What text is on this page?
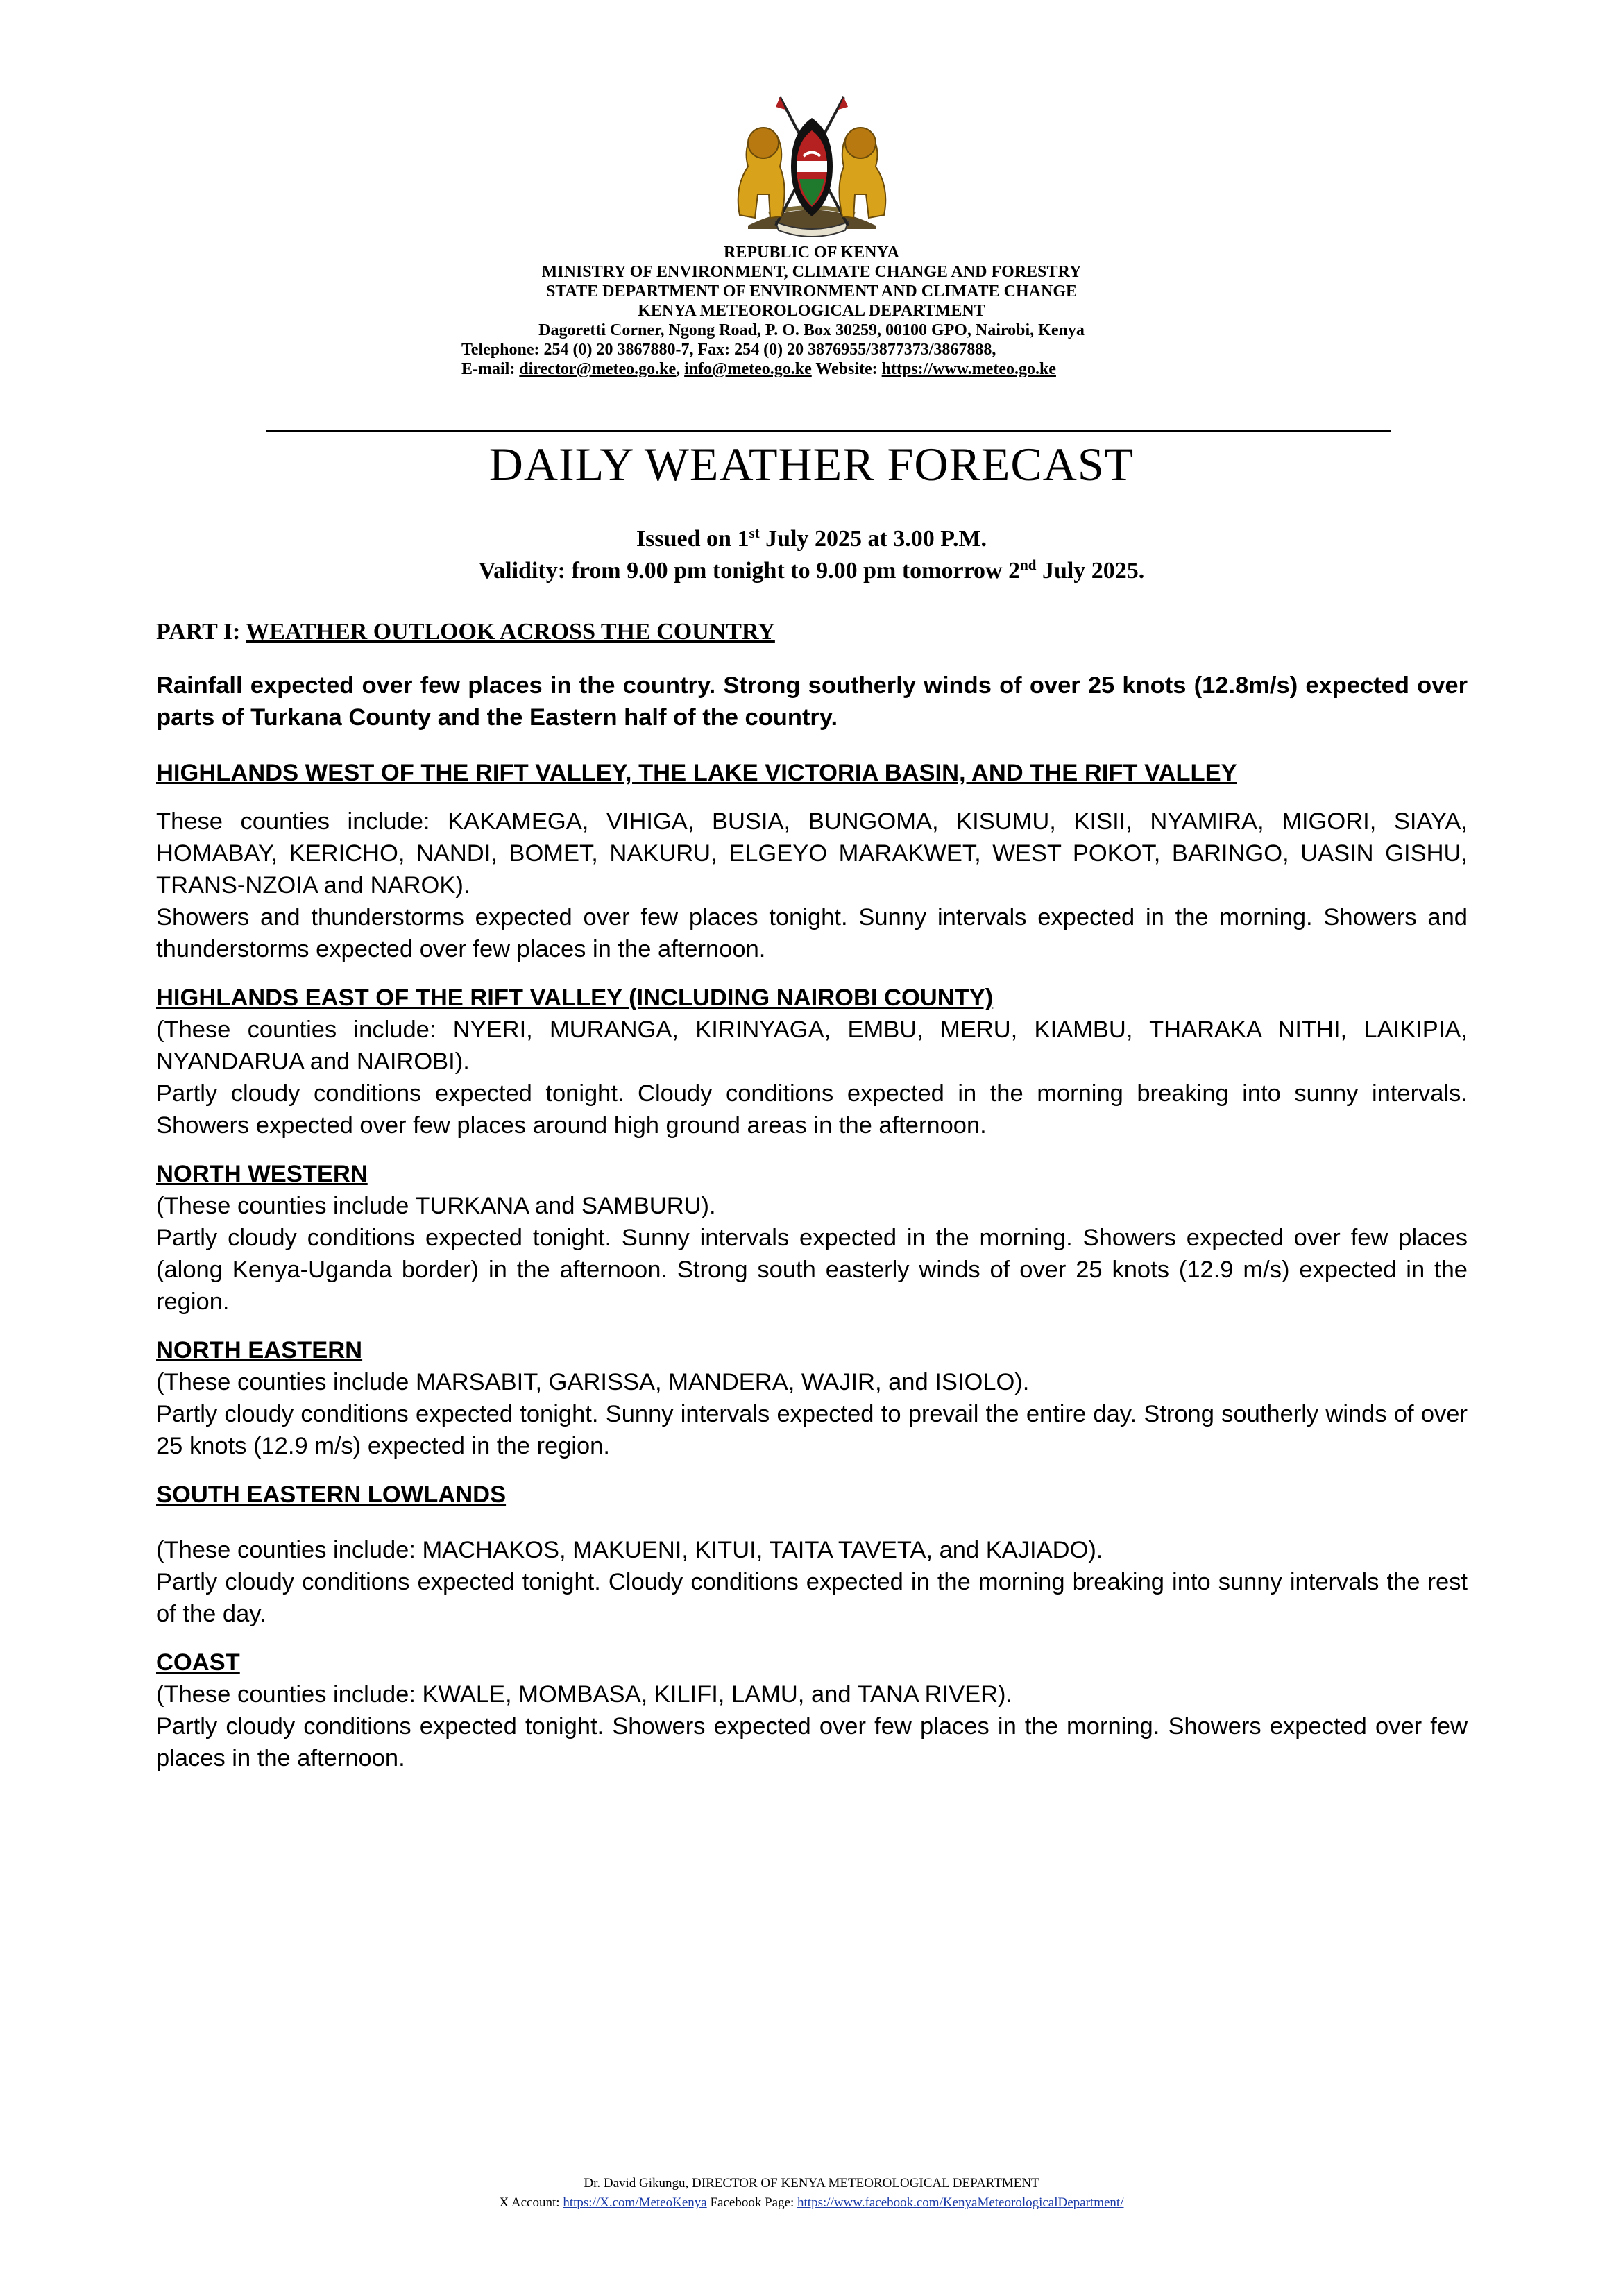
REPUBLIC OF KENYA
MINISTRY OF ENVIRONMENT, CLIMATE CHANGE AND FORESTRY
STATE DEPARTMENT OF ENVIRONMENT AND CLIMATE CHANGE
KENYA METEOROLOGICAL DEPARTMENT
Dagoretti Corner, Ngong Road, P. O. Box 30259, 00100 GPO, Nairobi, Kenya
Telephone: 254 (0) 20 3867880-7, Fax: 254 (0) 20 3876955/3877373/3867888,
E-mail: director@meteo.go.ke, info@meteo.go.ke Website: https://www.meteo.go.ke
DAILY WEATHER FORECAST
Issued on 1st July 2025 at 3.00 P.M.
Validity: from 9.00 pm tonight to 9.00 pm tomorrow 2nd July 2025.
PART I: WEATHER OUTLOOK ACROSS THE COUNTRY

Rainfall expected over few places in the country. Strong southerly winds of over 25 knots (12.8m/s) expected over parts of Turkana County and the Eastern half of the country.

HIGHLANDS WEST OF THE RIFT VALLEY, THE LAKE VICTORIA BASIN, AND THE RIFT VALLEY

These counties include: KAKAMEGA, VIHIGA, BUSIA, BUNGOMA, KISUMU, KISII, NYAMIRA, MIGORI, SIAYA, HOMABAY, KERICHO, NANDI, BOMET, NAKURU, ELGEYO MARAKWET, WEST POKOT, BARINGO, UASIN GISHU, TRANS-NZOIA and NAROK).

Showers and thunderstorms expected over few places tonight. Sunny intervals expected in the morning. Showers and thunderstorms expected over few places in the afternoon.

HIGHLANDS EAST OF THE RIFT VALLEY (INCLUDING NAIROBI COUNTY)

(These counties include: NYERI, MURANGA, KIRINYAGA, EMBU, MERU, KIAMBU, THARAKA NITHI, LAIKIPIA, NYANDARUA and NAIROBI).

Partly cloudy conditions expected tonight. Cloudy conditions expected in the morning breaking into sunny intervals. Showers expected over few places around high ground areas in the afternoon.

NORTH WESTERN

(These counties include TURKANA and SAMBURU).

Partly cloudy conditions expected tonight. Sunny intervals expected in the morning. Showers expected over few places (along Kenya-Uganda border) in the afternoon. Strong south easterly winds of over 25 knots (12.9 m/s) expected in the region.

NORTH EASTERN

(These counties include MARSABIT, GARISSA, MANDERA, WAJIR, and ISIOLO).

Partly cloudy conditions expected tonight. Sunny intervals expected to prevail the entire day. Strong southerly winds of over 25 knots (12.9 m/s) expected in the region.

SOUTH EASTERN LOWLANDS

(These counties include: MACHAKOS, MAKUENI, KITUI, TAITA TAVETA, and KAJIADO).

Partly cloudy conditions expected tonight. Cloudy conditions expected in the morning breaking into sunny intervals the rest of the day.

COAST

(These counties include: KWALE, MOMBASA, KILIFI, LAMU, and TANA RIVER).

Partly cloudy conditions expected tonight. Showers expected over few places in the morning. Showers expected over few places in the afternoon.

Dr. David Gikungu, DIRECTOR OF KENYA METEOROLOGICAL DEPARTMENT
X Account: https://X.com/MeteoKenya Facebook Page: https://www.facebook.com/KenyaMeteorologicalDepartment/
